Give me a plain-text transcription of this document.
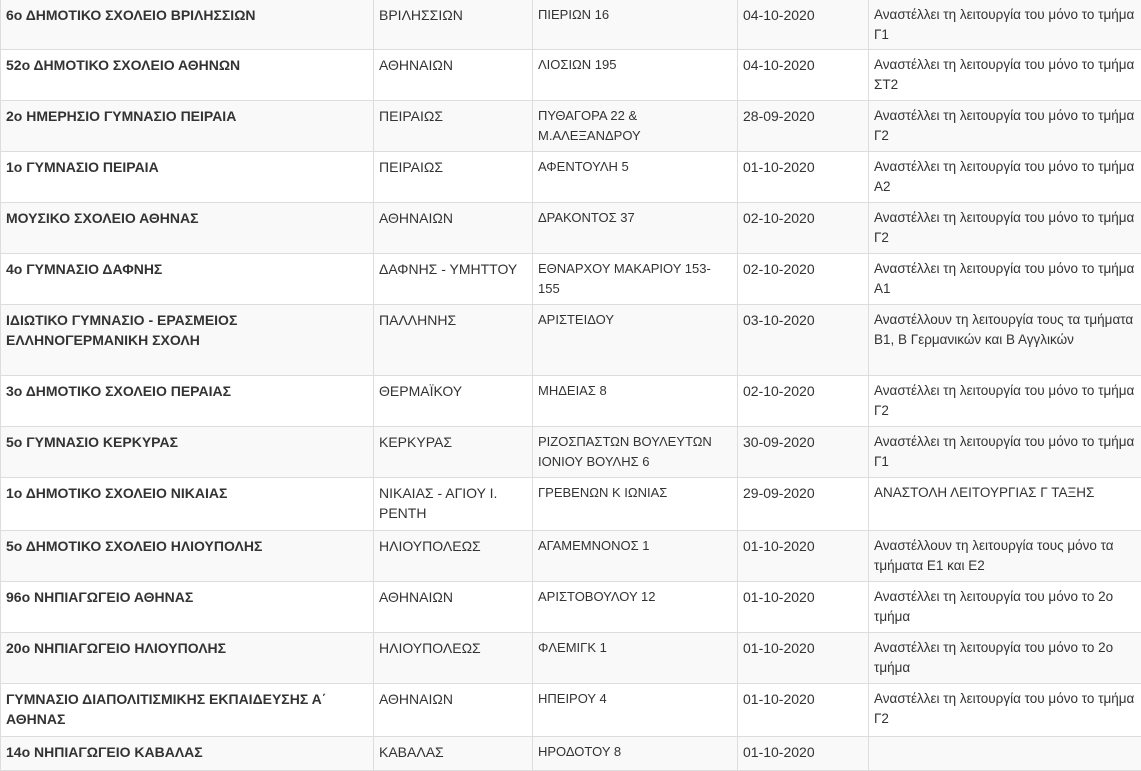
6ο ΔΗΜΟΤΙΚΟ ΣΧΟΛΕΙΟ ΒΡΙΛΗΣΣΙΩΝ	ΒΡΙΛΗΣΣΙΩΝ	ΠΙΕΡΙΩΝ 16	04-10-2020	Αναστέλλει τη λειτουργία του μόνο το τμήμα Γ1
52ο ΔΗΜΟΤΙΚΟ ΣΧΟΛΕΙΟ ΑΘΗΝΩΝ	ΑΘΗΝΑΙΩΝ	ΛΙΟΣΙΩΝ 195	04-10-2020	Αναστέλλει τη λειτουργία του μόνο το τμήμα ΣΤ2
2ο ΗΜΕΡΗΣΙΟ ΓΥΜΝΑΣΙΟ ΠΕΙΡΑΙΑ	ΠΕΙΡΑΙΩΣ	ΠΥΘΑΓΟΡΑ 22 & Μ.ΑΛΕΞΑΝΔΡΟΥ	28-09-2020	Αναστέλλει τη λειτουργία του μόνο το τμήμα Γ2
1ο ΓΥΜΝΑΣΙΟ ΠΕΙΡΑΙΑ	ΠΕΙΡΑΙΩΣ	ΑΦΕΝΤΟΥΛΗ 5	01-10-2020	Αναστέλλει τη λειτουργία του μόνο το τμήμα Α2
ΜΟΥΣΙΚΟ ΣΧΟΛΕΙΟ ΑΘΗΝΑΣ	ΑΘΗΝΑΙΩΝ	ΔΡΑΚΟΝΤΟΣ 37	02-10-2020	Αναστέλλει τη λειτουργία του μόνο το τμήμα Γ2
4ο ΓΥΜΝΑΣΙΟ ΔΑΦΝΗΣ	ΔΑΦΝΗΣ - ΥΜΗΤΤΟΥ	ΕΘΝΑΡΧΟΥ ΜΑΚΑΡΙΟΥ 153-155	02-10-2020	Αναστέλλει τη λειτουργία του μόνο το τμήμα Α1
ΙΔΙΩΤΙΚΟ ΓΥΜΝΑΣΙΟ - ΕΡΑΣΜΕΙΟΣ ΕΛΛΗΝΟΓΕΡΜΑΝΙΚΗ ΣΧΟΛΗ	ΠΑΛΛΗΝΗΣ	ΑΡΙΣΤΕΙΔΟΥ	03-10-2020	Αναστέλλουν τη λειτουργία τους τα τμήματα Β1, Β Γερμανικών και Β Αγγλικών
3ο ΔΗΜΟΤΙΚΟ ΣΧΟΛΕΙΟ ΠΕΡΑΙΑΣ	ΘΕΡΜΑΪΚΟΥ	ΜΗΔΕΙΑΣ 8	02-10-2020	Αναστέλλει τη λειτουργία του μόνο το τμήμα Γ2
5ο ΓΥΜΝΑΣΙΟ ΚΕΡΚΥΡΑΣ	ΚΕΡΚΥΡΑΣ	ΡΙΖΟΣΠΑΣΤΩΝ ΒΟΥΛΕΥΤΩΝ ΙΟΝΙΟΥ ΒΟΥΛΗΣ 6	30-09-2020	Αναστέλλει τη λειτουργία του μόνο το τμήμα Γ1
1ο ΔΗΜΟΤΙΚΟ ΣΧΟΛΕΙΟ ΝΙΚΑΙΑΣ	ΝΙΚΑΙΑΣ - ΑΓΙΟΥ Ι. ΡΕΝΤΗ	ΓΡΕΒΕΝΩΝ Κ ΙΩΝΙΑΣ	29-09-2020	ΑΝΑΣΤΟΛΗ ΛΕΙΤΟΥΡΓΙΑΣ Γ ΤΑΞΗΣ
5ο ΔΗΜΟΤΙΚΟ ΣΧΟΛΕΙΟ ΗΛΙΟΥΠΟΛΗΣ	ΗΛΙΟΥΠΟΛΕΩΣ	ΑΓΑΜΕΜΝΟΝΟΣ 1	01-10-2020	Αναστέλλουν τη λειτουργία τους μόνο τα τμήματα Ε1 και Ε2
96ο ΝΗΠΙΑΓΩΓΕΙΟ ΑΘΗΝΑΣ	ΑΘΗΝΑΙΩΝ	ΑΡΙΣΤΟΒΟΥΛΟΥ 12	01-10-2020	Αναστέλλει τη λειτουργία του μόνο το 2ο τμήμα
20ο ΝΗΠΙΑΓΩΓΕΙΟ ΗΛΙΟΥΠΟΛΗΣ	ΗΛΙΟΥΠΟΛΕΩΣ	ΦΛΕΜΙΓΚ 1	01-10-2020	Αναστέλλει τη λειτουργία του μόνο το 2ο τμήμα
ΓΥΜΝΑΣΙΟ ΔΙΑΠΟΛΙΤΙΣΜΙΚΗΣ ΕΚΠΑΙΔΕΥΣΗΣ Α΄ ΑΘΗΝΑΣ	ΑΘΗΝΑΙΩΝ	ΗΠΕΙΡΟΥ 4	01-10-2020	Αναστέλλει τη λειτουργία του μόνο το τμήμα Γ2
14ο ΝΗΠΙΑΓΩΓΕΙΟ ΚΑΒΑΛΑΣ	ΚΑΒΑΛΑΣ	ΗΡΟΔΟΤΟΥ 8	01-10-2020	
